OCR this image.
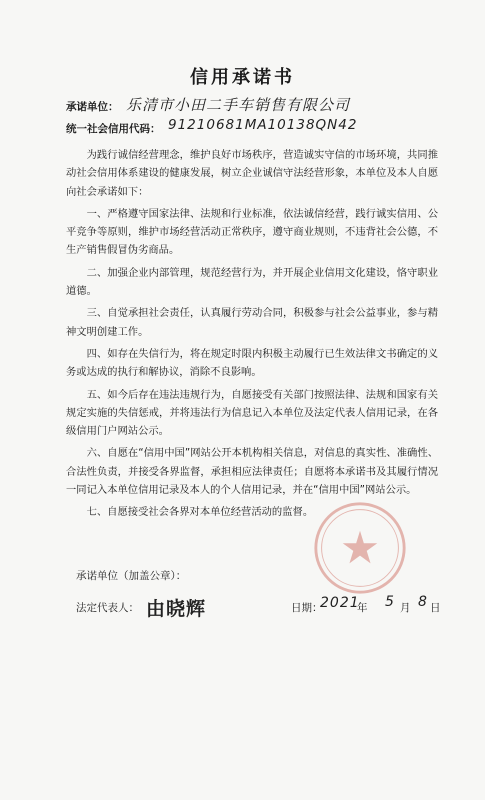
信用承诺书
承诺单位： 乐清市小田二手车销售有限公司
统一社会信用代码： 91210681MA10138QN42

为践行诚信经营理念，维护良好市场秩序，营造诚实守信的市场环境，共同推动社会信用体系建设的健康发展，树立企业诚信守法经营形象，本单位及本人自愿向社会承诺如下：

一、严格遵守国家法律、法规和行业标准，依法诚信经营，践行诚实信用、公平竞争等原则，维护市场经营活动正常秩序，遵守商业规则，不违背社会公德，不生产销售假冒伪劣商品。

二、加强企业内部管理，规范经营行为，并开展企业信用文化建设，恪守职业道德。

三、自觉承担社会责任，认真履行劳动合同，积极参与社会公益事业，参与精神文明创建工作。

四、如存在失信行为，将在规定时限内积极主动履行已生效法律文书确定的义务或达成的执行和解协议，消除不良影响。

五、如今后存在违法违规行为，自愿接受有关部门按照法律、法规和国家有关规定实施的失信惩戒，并将违法行为信息记入本单位及法定代表人信用记录，在各级信用门户网站公示。

六、自愿在“信用中国”网站公开本机构相关信息，对信息的真实性、准确性、合法性负责，并接受各界监督，承担相应法律责任；自愿将本承诺书及其履行情况一同记入本单位信用记录及本人的个人信用记录，并在“信用中国”网站公示。

七、自愿接受社会各界对本单位经营活动的监督。

承诺单位（加盖公章）：
法定代表人： 由晓辉	日期：
2021
年 5 月 8 日
